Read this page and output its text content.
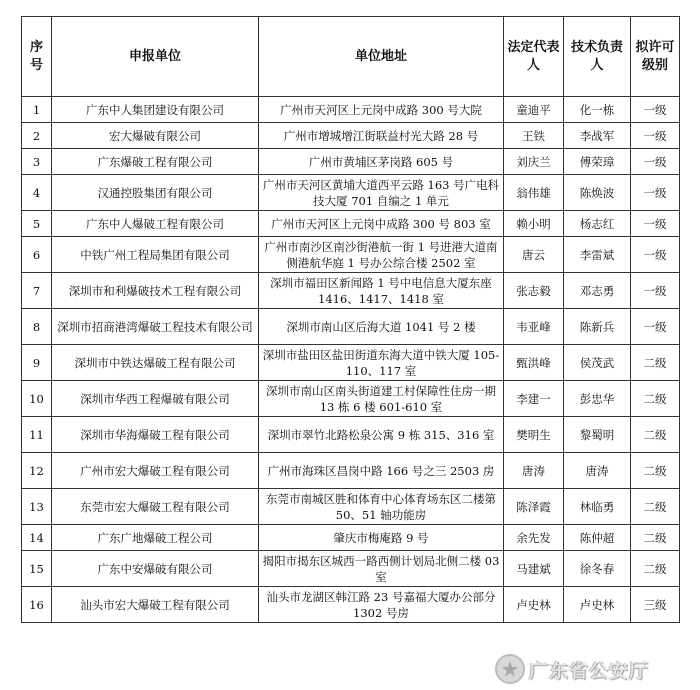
序号	申报单位	单位地址	法定代表人	技术负责人	拟许可级别
1	广东中人集团建设有限公司	广州市天河区上元岗中成路 300 号大院	童迪平	化一栋	一级
2	宏大爆破有限公司	广州市增城增江街联益村光大路 28 号	王铁	李战军	一级
3	广东爆破工程有限公司	广州市黄埔区茅岗路 605 号	刘庆兰	傅荣璋	一级
4	汉通控股集团有限公司	广州市天河区黄埔大道西平云路 163 号广电科技大厦 701 自编之 1 单元	翁伟雄	陈焕波	一级
5	广东中人爆破工程有限公司	广州市天河区上元岗中成路 300 号 803 室	赖小明	杨志红	一级
6	中铁广州工程局集团有限公司	广州市南沙区南沙街港航一街 1 号进港大道南侧港航华庭 1 号办公综合楼 2502 室	唐云	李雷斌	一级
7	深圳市和利爆破技术工程有限公司	深圳市福田区新闻路 1 号中电信息大厦东座 1416、1417、1418 室	张志毅	邓志勇	一级
8	深圳市招商港湾爆破工程技术有限公司	深圳市南山区后海大道 1041 号 2 楼	韦亚峰	陈新兵	一级
9	深圳市中铁达爆破工程有限公司	深圳市盐田区盐田街道东海大道中铁大厦 105-110、117 室	甄洪峰	侯茂武	二级
10	深圳市华西工程爆破有限公司	深圳市南山区南头街道建工村保障性住房一期 13 栋 6 楼 601-610 室	李建一	彭忠华	二级
11	深圳市华海爆破工程有限公司	深圳市翠竹北路松泉公寓 9 栋 315、316 室	樊明生	黎蜀明	二级
12	广州市宏大爆破工程有限公司	广州市海珠区昌岗中路 166 号之三 2503 房	唐涛	唐涛	二级
13	东莞市宏大爆破工程有限公司	东莞市南城区胜和体育中心体育场东区二楼第 50、51 轴功能房	陈泽霞	林临勇	二级
14	广东广地爆破工程公司	肇庆市梅庵路 9 号	余先发	陈仲超	二级
15	广东中安爆破有限公司	揭阳市揭东区城西一路西侧计划局北侧二楼 03 室	马建斌	徐冬春	二级
16	汕头市宏大爆破工程有限公司	汕头市龙湖区韩江路 23 号嘉福大厦办公部分 1302 号房	卢史林	卢史林	三级
广东省公安厅
